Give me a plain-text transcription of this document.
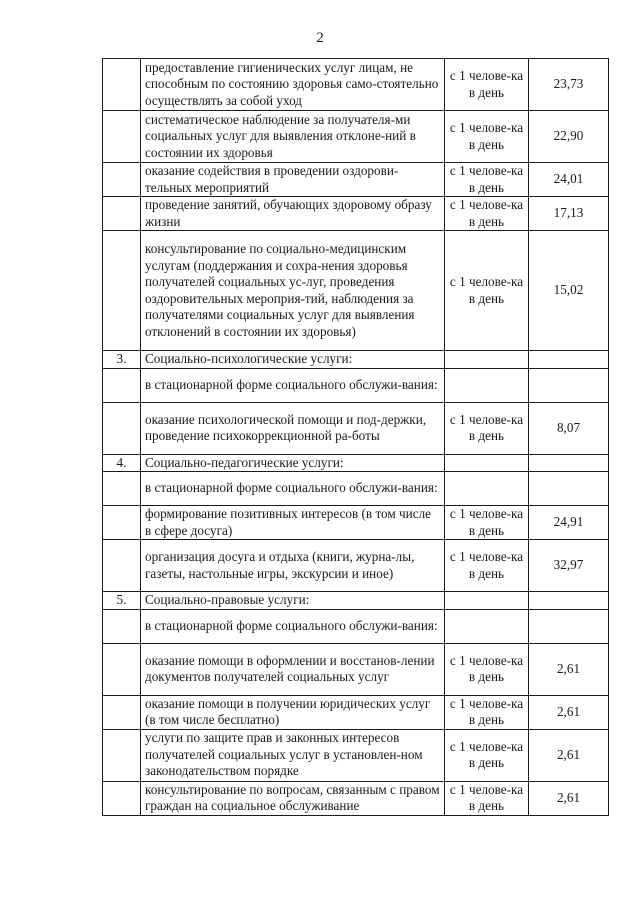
2
	предоставление гигиенических услуг лицам, не способным по состоянию здоровья само-стоятельно осуществлять за собой уход	с 1 челове-ка в день	23,73
	систематическое наблюдение за получателя-ми социальных услуг для выявления отклоне-ний в состоянии их здоровья	с 1 челове-ка в день	22,90
	оказание содействия в проведении оздорови-тельных мероприятий	с 1 челове-ка в день	24,01
	проведение занятий, обучающих здоровому образу жизни	с 1 челове-ка в день	17,13
	консультирование по социально-медицинским услугам (поддержания и сохра-нения здоровья получателей социальных ус-луг, проведения оздоровительных мероприя-тий, наблюдения за получателями социальных услуг для выявления отклонений в состоянии их здоровья)	с 1 челове-ка в день	15,02
3.	Социально-психологические услуги:		
	в стационарной форме социального обслужи-вания:		
	оказание психологической помощи и под-держки, проведение психокоррекционной ра-боты	с 1 челове-ка в день	8,07
4.	Социально-педагогические услуги:		
	в стационарной форме социального обслужи-вания:		
	формирование позитивных интересов (в том числе в сфере досуга)	с 1 челове-ка в день	24,91
	организация досуга и отдыха (книги, журна-лы, газеты, настольные игры, экскурсии и иное)	с 1 челове-ка в день	32,97
5.	Социально-правовые услуги:		
	в стационарной форме социального обслужи-вания:		
	оказание помощи в оформлении и восстанов-лении документов получателей социальных услуг	с 1 челове-ка в день	2,61
	оказание помощи в получении юридических услуг (в том числе бесплатно)	с 1 челове-ка в день	2,61
	услуги по защите прав и законных интересов получателей социальных услуг в установлен-ном законодательством порядке	с 1 челове-ка в день	2,61
	консультирование по вопросам, связанным с правом граждан на социальное обслуживание	с 1 челове-ка в день	2,61
